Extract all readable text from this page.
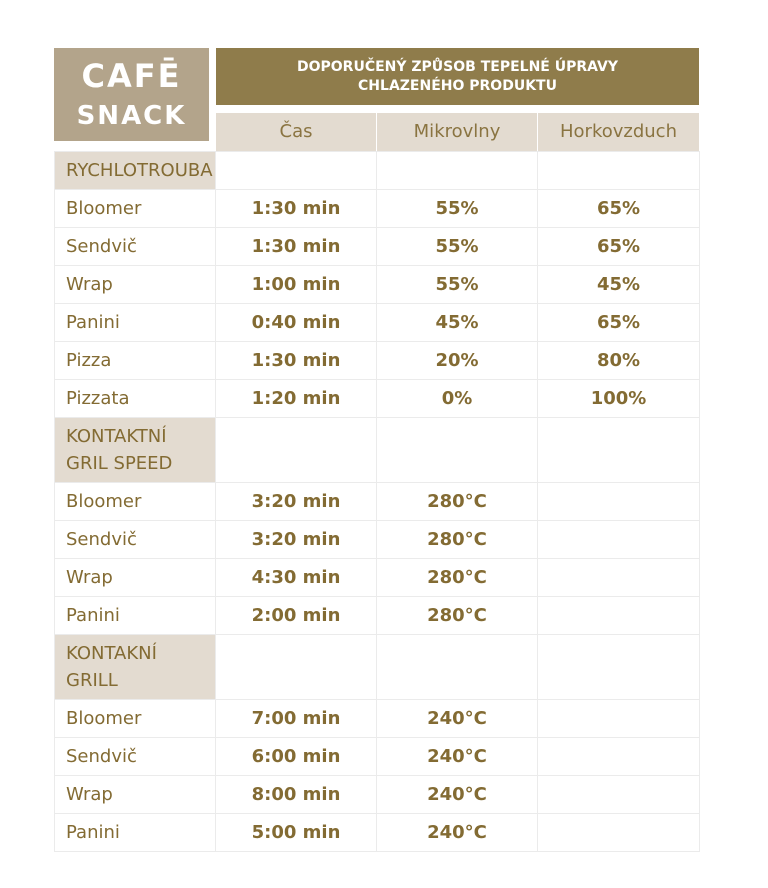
CAFĒ
SNACK
DOPORUČENÝ ZPŮSOB TEPELNÉ ÚPRAVY
CHLAZENÉHO PRODUKTU
Čas	Mikrovlny	Horkovzduch
RYCHLOTROUBA			
Bloomer	1:30 min	55%	65%
Sendvič	1:30 min	55%	65%
Wrap	1:00 min	55%	45%
Panini	0:40 min	45%	65%
Pizza	1:30 min	20%	80%
Pizzata	1:20 min	0%	100%

KONTAKTNÍ
GRIL SPEED			

Bloomer	3:20 min	280°C	
Sendvič	3:20 min	280°C	
Wrap	4:30 min	280°C	
Panini	2:00 min	280°C	

KONTAKNÍ
GRILL			

Bloomer	7:00 min	240°C	
Sendvič	6:00 min	240°C	
Wrap	8:00 min	240°C	
Panini	5:00 min	240°C	
